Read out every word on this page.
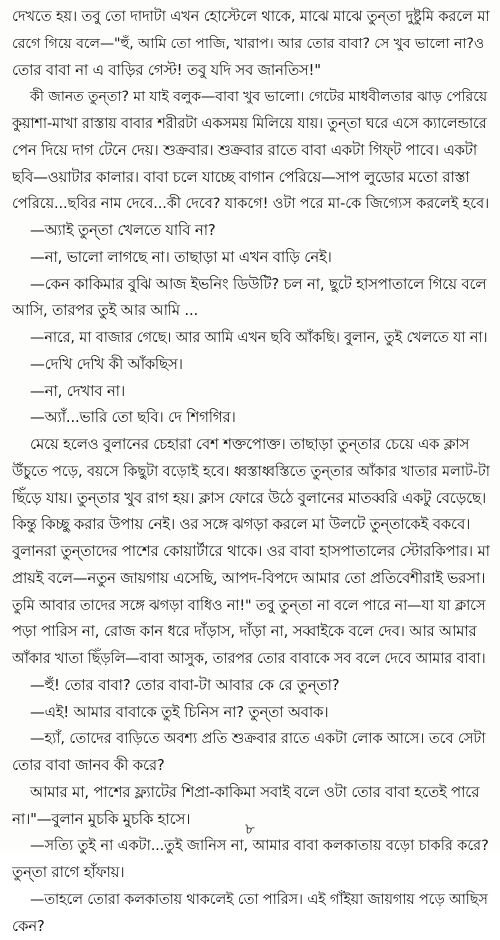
দেখতে হয়। তবু তো দাদাটা এখন হোস্টেলে থাকে, মাঝে মাঝে তুন্‌তা দুষ্টুমি করলে মা
রেগে গিয়ে বলে—"হুঁ, আমি তো পাজি, খারাপ। আর তোর বাবা? সে খুব ভালো না?ও
তোর বাবা না এ বাড়ির গেস্ট! তবু যদি সব জানতিস!"
কী জানত তুন্‌তা? মা যাই বলুক—বাবা খুব ভালো। গেটের মাধবীলতার ঝাড় পেরিয়ে
কুয়াশা-মাখা রাস্তায় বাবার শরীরটা একসময় মিলিয়ে যায়। তুন্‌তা ঘরে এসে ক্যালেন্ডারে
পেন দিয়ে দাগ টেনে দেয়। শুক্রবার। শুক্রবার রাতে বাবা একটা গিফ্‌ট পাবে। একটা
ছবি—ওয়াটার কালার। বাবা চলে যাচ্ছে বাগান পেরিয়ে—সাপ লুডোর মতো রাস্তা
পেরিয়ে...ছবির নাম দেবে...কী দেবে? যাকগে! ওটা পরে মা-কে জিগ্যেস করলেই হবে।
—অ্যাই তুন্‌তা খেলতে যাবি না?
—না, ভালো লাগছে না। তাছাড়া মা এখন বাড়ি নেই।
—কেন কাকিমার বুঝি আজ ইভনিং ডিউটি? চল না, ছুটে হাসপাতালে গিয়ে বলে
আসি, তারপর তুই আর আমি ...
—নারে, মা বাজার গেছে। আর আমি এখন ছবি আঁকছি। বুলান, তুই খেলতে যা না।
—দেখি দেখি কী আঁকছিস।
—না, দেখাব না।
—অ্যাঁ...ভারি তো ছবি। দে শিগগির।
মেয়ে হলেও বুলানের চেহারা বেশ শক্তপোক্ত। তাছাড়া তুন্‌তার চেয়ে এক ক্লাস
উঁচুতে পড়ে, বয়সে কিছুটা বড়োই হবে। ধ্বস্তাধ্বস্তিতে তুন্‌তার আঁকার খাতার মলাট-টা
ছিঁড়ে যায়। তুন্‌তার খুব রাগ হয়। ক্লাস ফোরে উঠে বুলানের মাতব্বরি একটু বেড়েছে।
কিন্তু কিচ্ছু করার উপায় নেই। ওর সঙ্গে ঝগড়া করলে মা উলটে তুন্‌তাকেই বকবে।
বুলানরা তুন্‌তাদের পাশের কোয়ার্টারে থাকে। ওর বাবা হাসপাতালের স্টোরকিপার। মা
প্রায়ই বলে—নতুন জায়গায় এসেছি, আপদ-বিপদে আমার তো প্রতিবেশীরাই ভরসা।
তুমি আবার তাদের সঙ্গে ঝগড়া বাধিও না!" তবু তুন্‌তা না বলে পারে না—যা যা ক্লাসে
পড়া পারিস না, রোজ কান ধরে দাঁড়াস, দাঁড়া না, সব্বাইকে বলে দেব। আর আমার
আঁকার খাতা ছিঁড়লি—বাবা আসুক, তারপর তোর বাবাকে সব বলে দেবে আমার বাবা।
—হুঁ! তোর বাবা? তোর বাবা-টা আবার কে রে তুন্‌তা?
—এই! আমার বাবাকে তুই চিনিস না? তুন্‌তা অবাক।
—হ্যাঁ, তোদের বাড়িতে অবশ্য প্রতি শুক্রবার রাতে একটা লোক আসে। তবে সেটা
তোর বাবা জানব কী করে?
আমার মা, পাশের ফ্ল্যাটের শিপ্রা-কাকিমা সবাই বলে ওটা তোর বাবা হতেই পারে
না।"—বুলান মুচকি মুচকি হাসে।
—সত্যি তুই না একটা...তুই জানিস না, আমার বাবা কলকাতায় বড়ো চাকরি করে?
তুন্‌তা রাগে হাঁফায়।
—তাহলে তোরা কলকাতায় থাকলেই তো পারিস। এই গাঁইয়া জায়গায় পড়ে আছিস
কেন?
৮
